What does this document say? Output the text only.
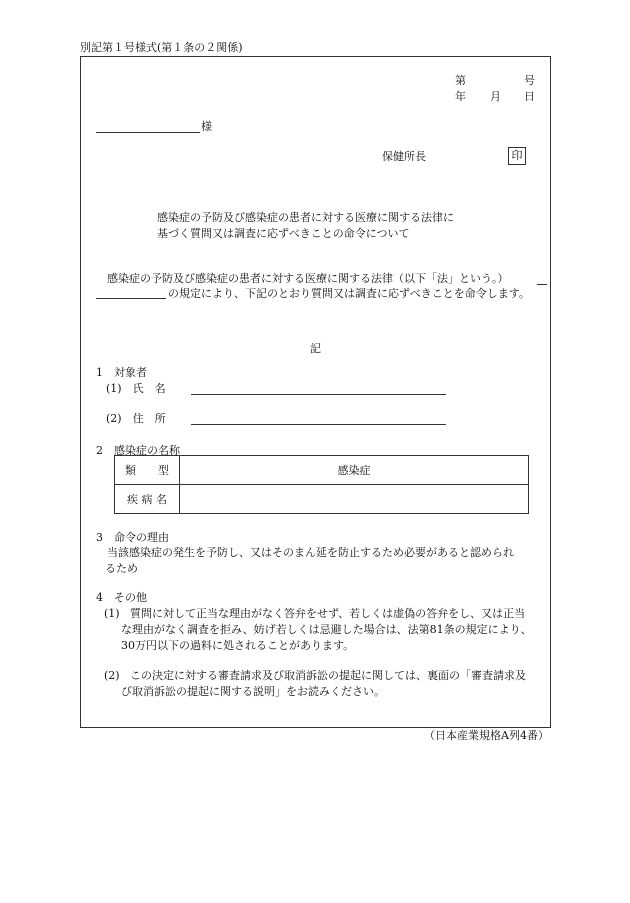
別記第１号様式(第１条の２関係)
第	号
年 月 日
様
保健所長	印
感染症の予防及び感染症の患者に対する医療に関する法律に
基づく質問又は調査に応ずべきことの命令について
感染症の予防及び感染症の患者に対する医療に関する法律（以下「法」という。）
の規定により、下記のとおり質問又は調査に応ずべきことを命令します。
記
1　対象者
(1)　氏　名
(2)　住　所
2　感染症の名称
類　　型	感染症
疾 病 名	
3　命令の理由
当該感染症の発生を予防し、又はそのまん延を防止するため必要があると認められ
るため
4　その他
(1) 質問に対して正当な理由がなく答弁をせず、若しくは虚偽の答弁をし、又は正当
な理由がなく調査を拒み、妨げ若しくは忌避した場合は、法第81条の規定により、
30万円以下の過料に処されることがあります。
(2) この決定に対する審査請求及び取消訴訟の提起に関しては、裏面の「審査請求及
び取消訴訟の提起に関する説明」をお読みください。
（日本産業規格A列4番）
